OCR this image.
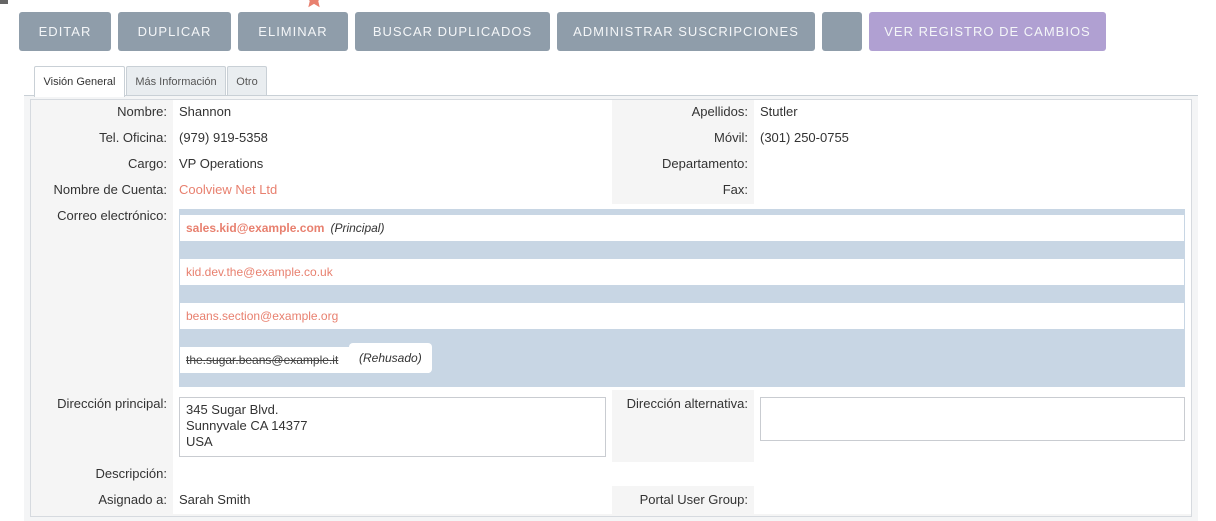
EDITAR	DUPLICAR	ELIMINAR	BUSCAR DUPLICADOS	ADMINISTRAR SUSCRIPCIONES	VER REGISTRO DE CAMBIOS
Visión General	Más Información	Otro
Nombre: Shannon	Apellidos: Stutler
Tel. Oficina: (979) 919-5358	Móvil: (301) 250-0755
Cargo: VP Operations	Departamento:
Nombre de Cuenta: Coolview Net Ltd	Fax:
Correo electrónico:
sales.kid@example.com (Principal)
kid.dev.the@example.co.uk
beans.section@example.org
the.sugar.beans@example.it	(Rehusado)
Dirección principal: 345 Sugar Blvd.
Sunnyvale CA 14377
USA
Dirección alternativa:
Descripción:
Asignado a: Sarah Smith	Portal User Group:
